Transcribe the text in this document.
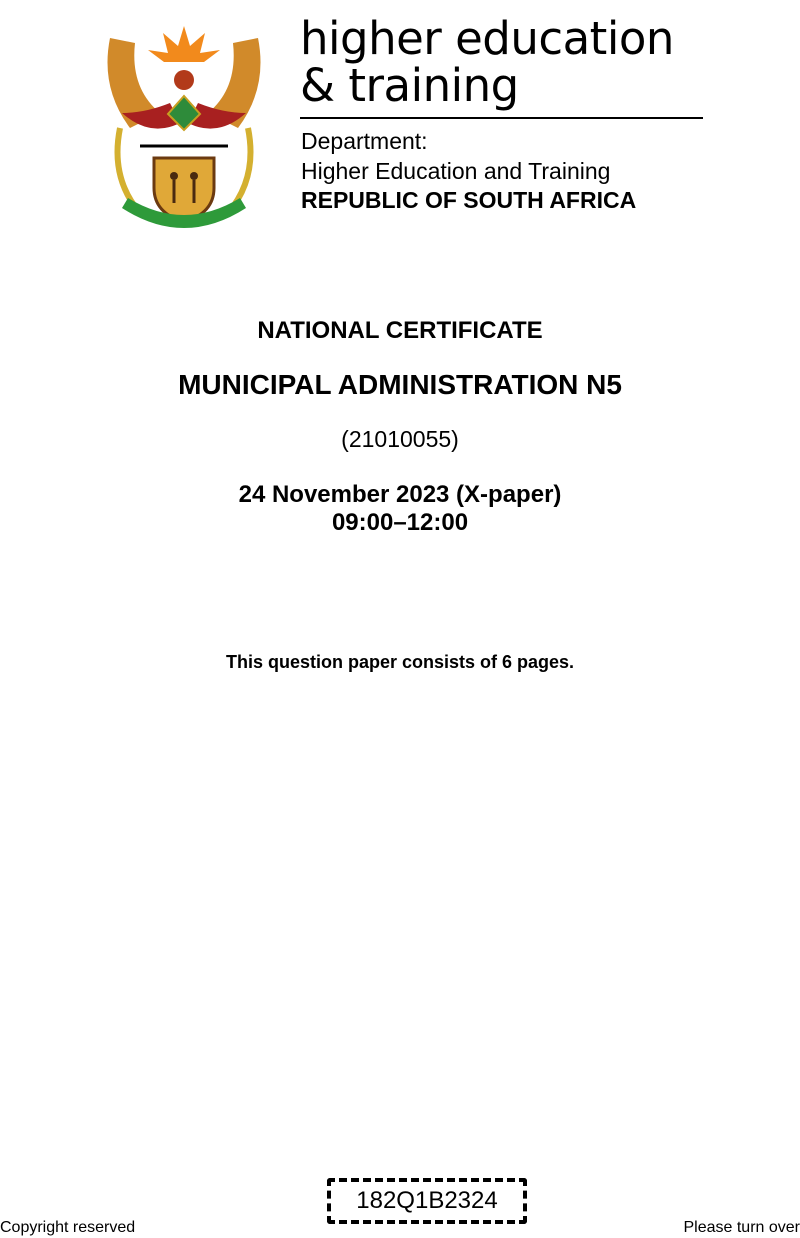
higher education
& training
Department:
Higher Education and Training
REPUBLIC OF SOUTH AFRICA
NATIONAL CERTIFICATE
MUNICIPAL ADMINISTRATION N5
(21010055)
24 November 2023 (X-paper)
09:00–12:00
This question paper consists of 6 pages.
182Q1B2324
Copyright reserved	Please turn over
